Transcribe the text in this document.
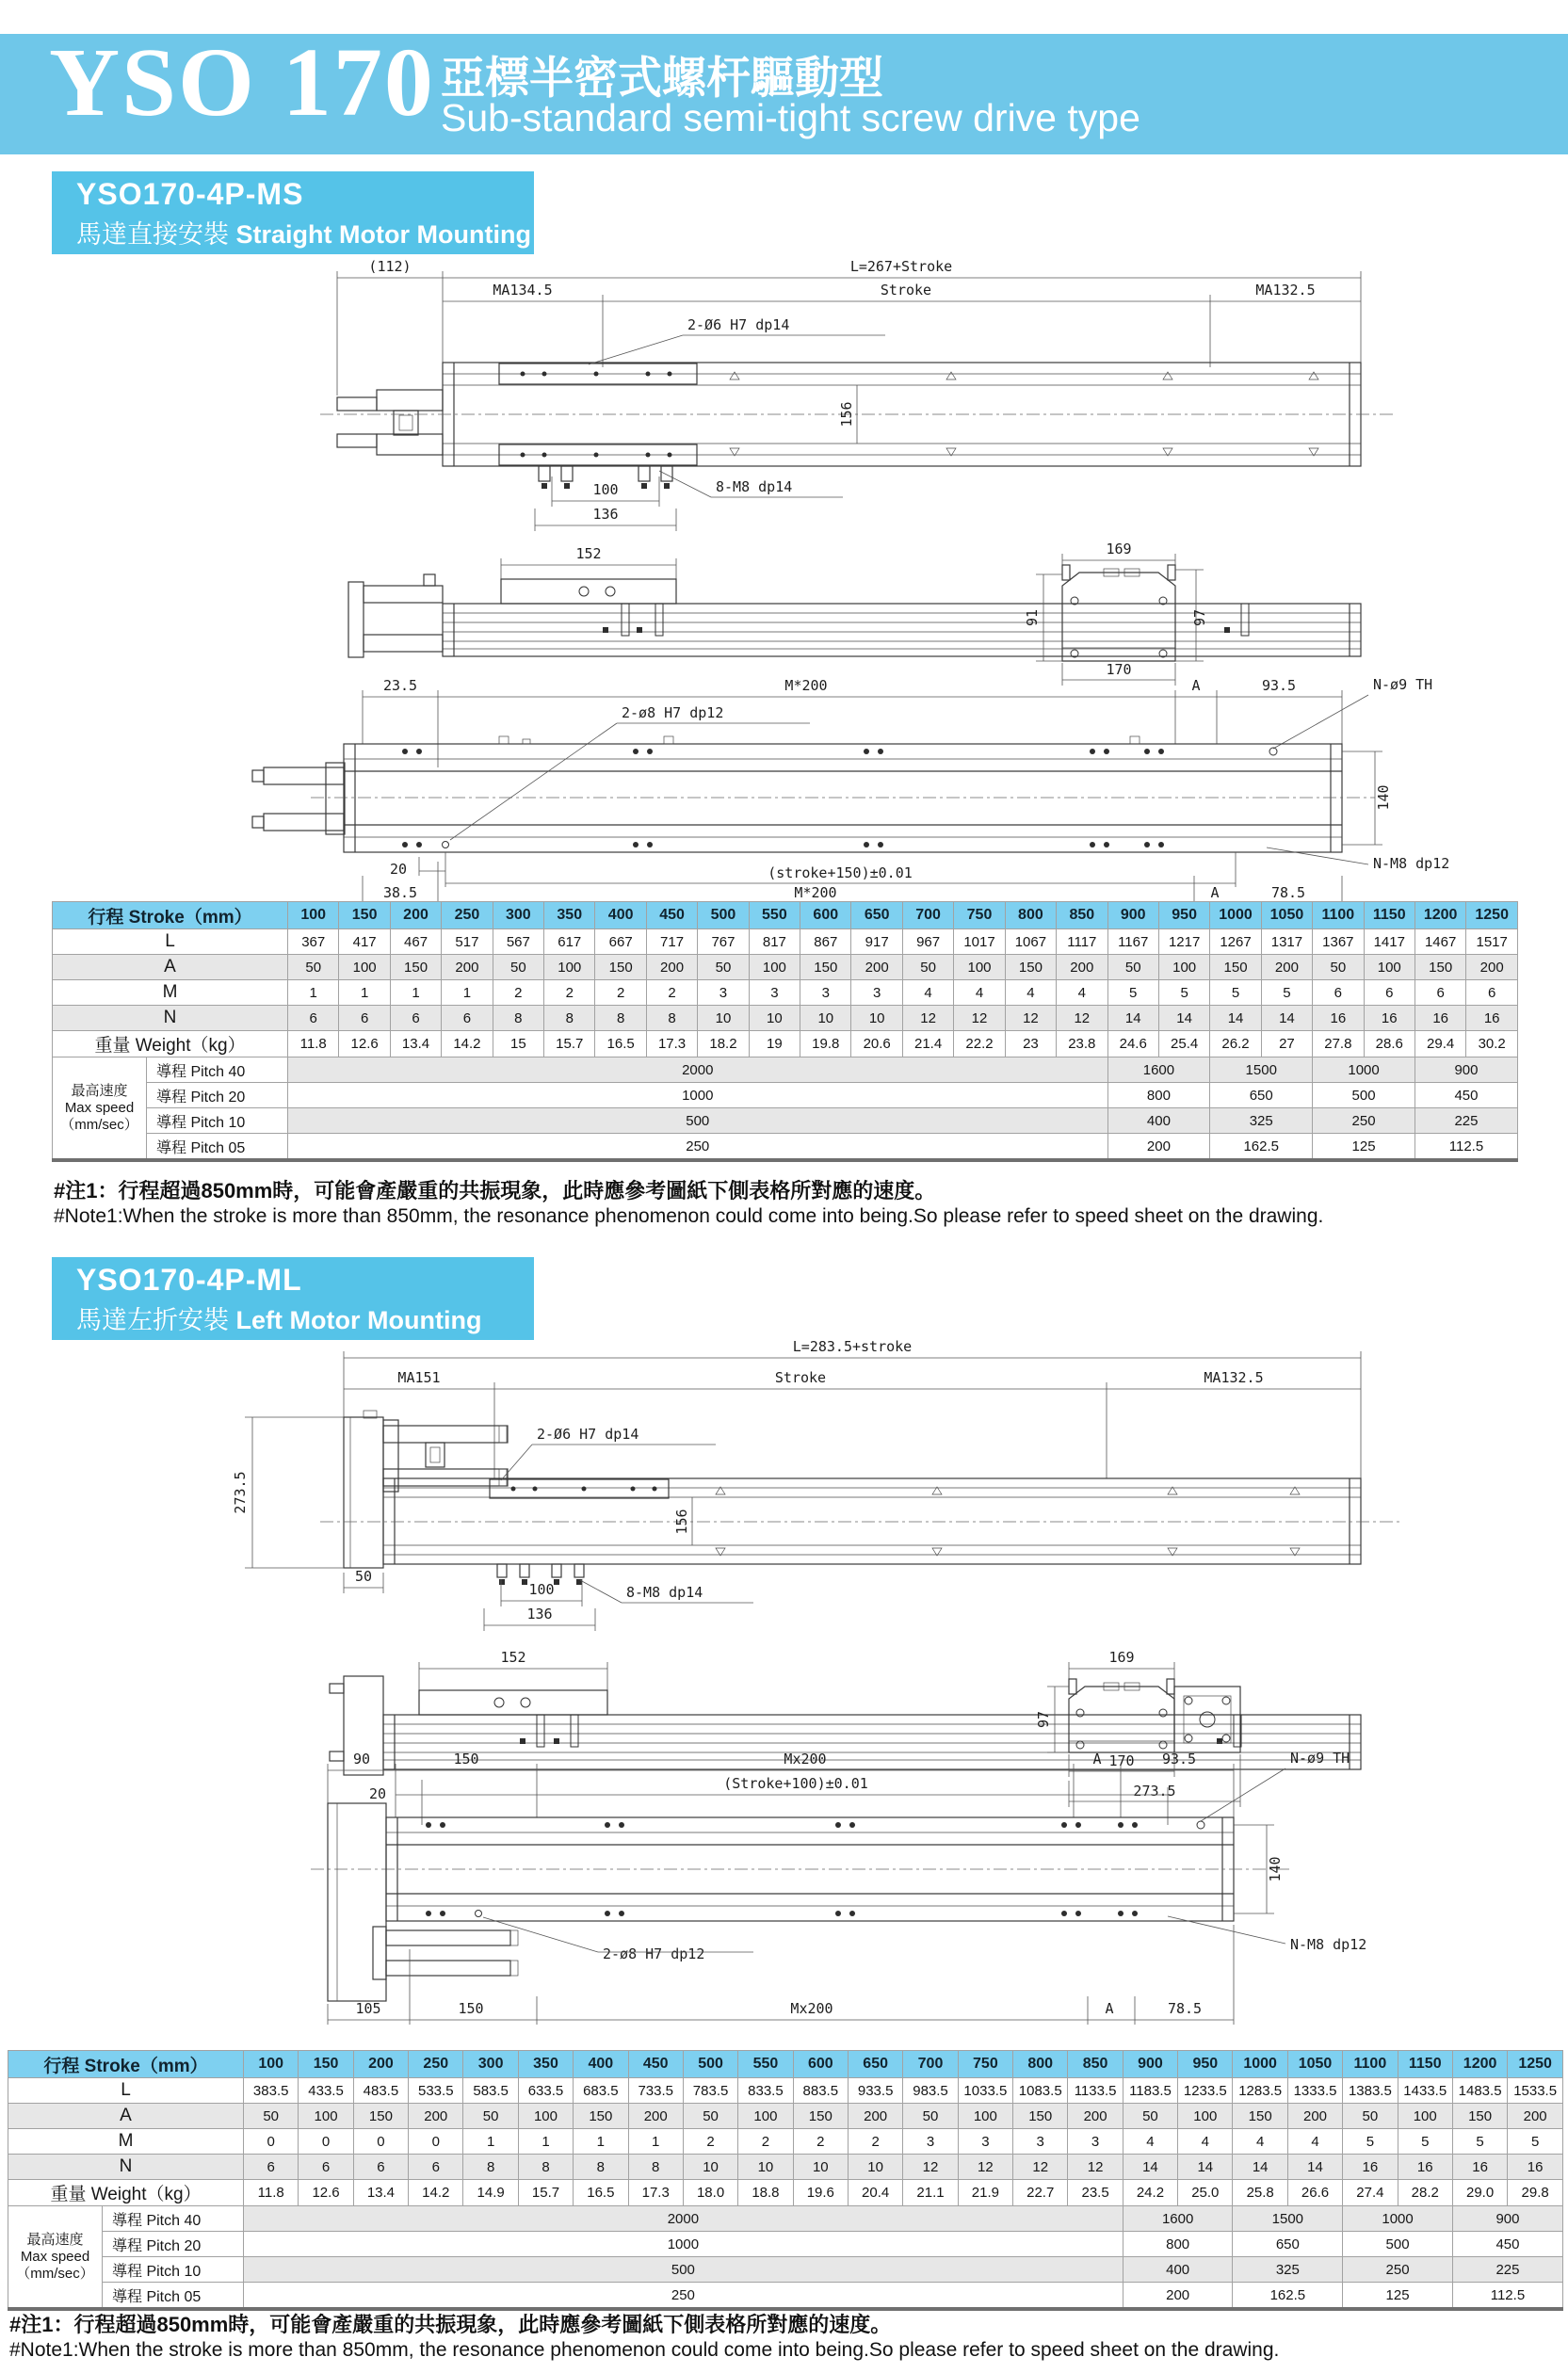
YSO 170 亞標半密式螺杆驅動型
Sub-standard semi-tight screw drive type
YSO170-4P-MS
馬達直接安裝 Straight Motor Mounting
(112)	L=267+Stroke
MA134.5	Stroke	MA132.5
156
2-Ø6 H7 dp14
100
136
8-M8 dp14
152	169
91	97
170
23.5	M*200	A	93.5	N-ø9 TH
140
2-ø8 H7 dp12
20	(stroke+150)±0.01
38.5	M*200	A	78.5
N-M8 dp12
行程 Stroke（mm）		100	150	200	250	300	350	400	450	500	550	600	650	700	750	800	850	900	950	1000	1050	1100	1150	1200	1250
L		367	417	467	517	567	617	667	717	767	817	867	917	967	1017	1067	1117	1167	1217	1267	1317	1367	1417	1467	1517
A		50	100	150	200	50	100	150	200	50	100	150	200	50	100	150	200	50	100	150	200	50	100	150	200
M		1	1	1	1	2	2	2	2	3	3	3	3	4	4	4	4	5	5	5	5	6	6	6	6
N		6	6	6	6	8	8	8	8	10	10	10	10	12	12	12	12	14	14	14	14	16	16	16	16
重量 Weight（kg）		11.8	12.6	13.4	14.2	15	15.7	16.5	17.3	18.2	19	19.8	20.6	21.4	22.2	23	23.8	24.6	25.4	26.2	27	27.8	28.6	29.4	30.2
最高速度
Max speed
（mm/sec）	導程 Pitch 40	2000																1600		1500		1000		900	
	導程 Pitch 20	1000																800		650		500		450	
	導程 Pitch 10	500																400		325		250		225	
	導程 Pitch 05	250																200		162.5		125		112.5	
#注1：行程超過850mm時，可能會產嚴重的共振現象，此時應參考圖紙下側表格所對應的速度。
#Note1:When the stroke is more than 850mm, the resonance phenomenon could come into being.So please refer to speed sheet on the drawing.
YSO170-4P-ML
馬達左折安裝 Left Motor Mounting
L=283.5+stroke
MA151	Stroke	MA132.5
273.5
156
2-Ø6 H7 dp14
50
100
136
8-M8 dp14
152	169
97
170
273.5
90	150	Mx200	A	93.5	N-ø9 TH
20
(Stroke+100)±0.01
140
2-ø8 H7 dp12
N-M8 dp12
105	150	Mx200	A	78.5
行程 Stroke（mm）		100	150	200	250	300	350	400	450	500	550	600	650	700	750	800	850	900	950	1000	1050	1100	1150	1200	1250
L		383.5	433.5	483.5	533.5	583.5	633.5	683.5	733.5	783.5	833.5	883.5	933.5	983.5	1033.5	1083.5	1133.5	1183.5	1233.5	1283.5	1333.5	1383.5	1433.5	1483.5	1533.5
A		50	100	150	200	50	100	150	200	50	100	150	200	50	100	150	200	50	100	150	200	50	100	150	200
M		0	0	0	0	1	1	1	1	2	2	2	2	3	3	3	3	4	4	4	4	5	5	5	5
N		6	6	6	6	8	8	8	8	10	10	10	10	12	12	12	12	14	14	14	14	16	16	16	16
重量 Weight（kg）		11.8	12.6	13.4	14.2	14.9	15.7	16.5	17.3	18.0	18.8	19.6	20.4	21.1	21.9	22.7	23.5	24.2	25.0	25.8	26.6	27.4	28.2	29.0	29.8
最高速度
Max speed
（mm/sec）	導程 Pitch 40	2000																1600		1500		1000		900	
	導程 Pitch 20	1000																800		650		500		450	
	導程 Pitch 10	500																400		325		250		225	
	導程 Pitch 05	250																200		162.5		125		112.5	
#注1：行程超過850mm時，可能會產嚴重的共振現象，此時應參考圖紙下側表格所對應的速度。
#Note1:When the stroke is more than 850mm, the resonance phenomenon could come into being.So please refer to speed sheet on the drawing.
